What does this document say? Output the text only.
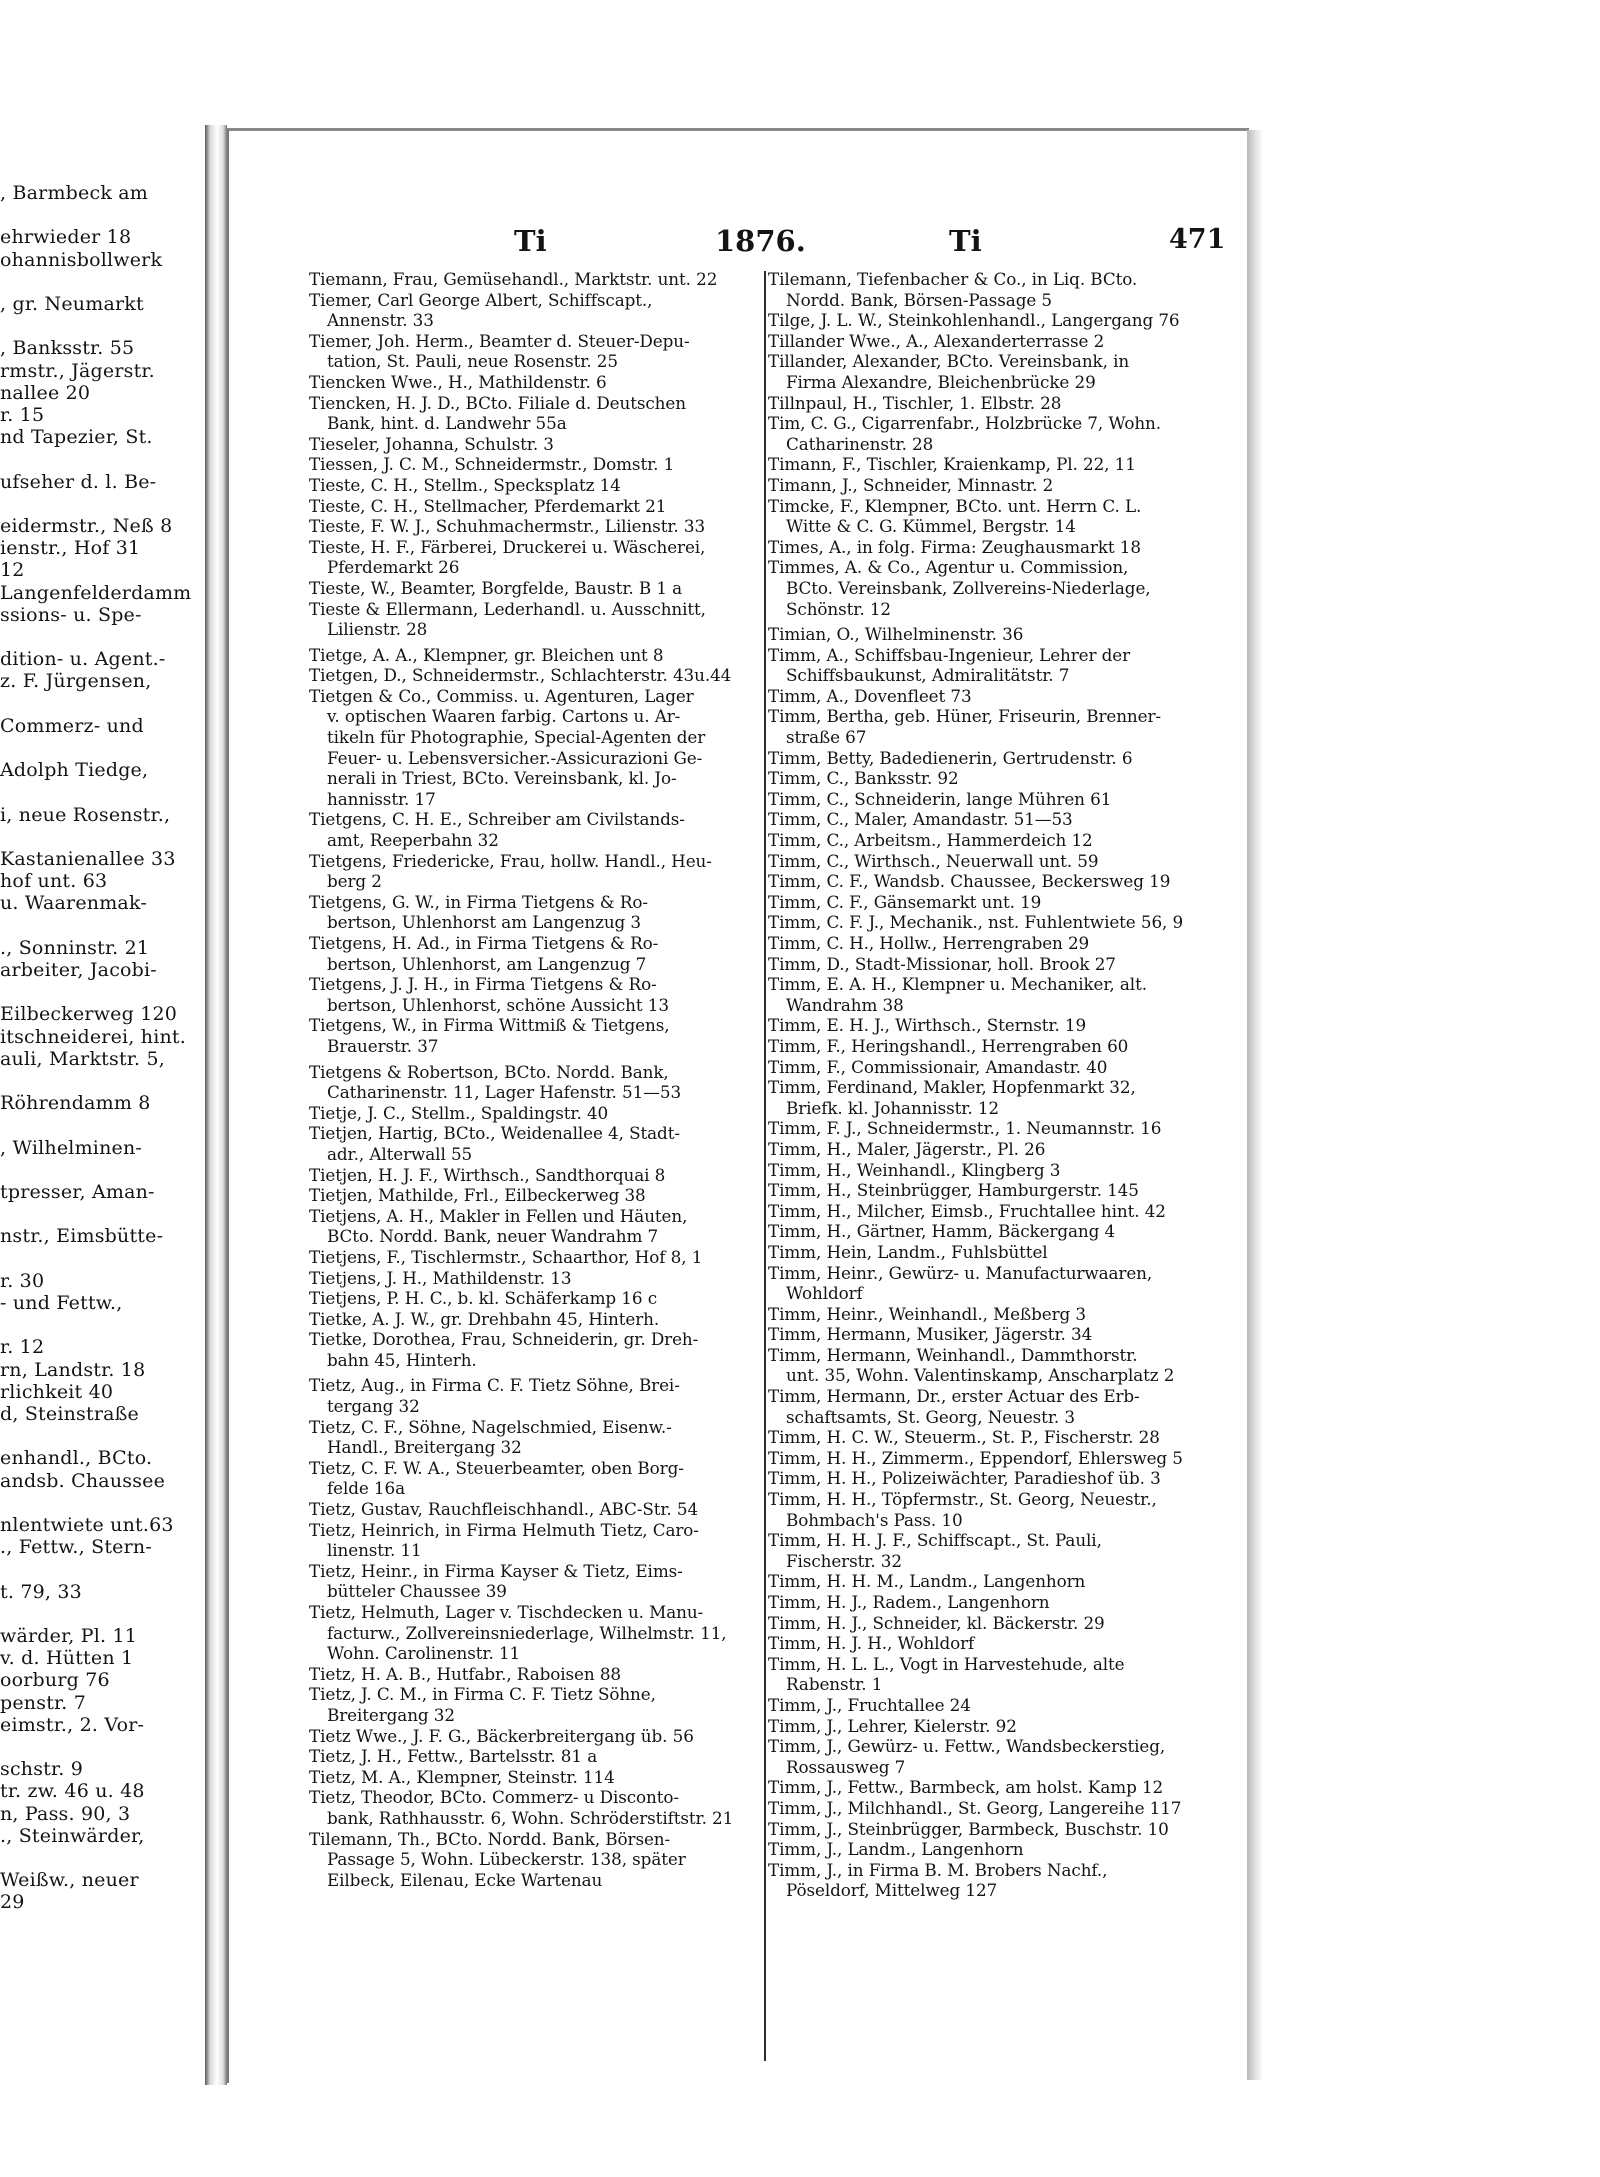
, Barmbeck am
ehrwieder 18
ohannisbollwerk
, gr. Neumarkt
, Banksstr. 55
rmstr., Jägerstr.
nallee 20
r. 15
nd Tapezier, St.
ufseher d. l. Be-
eidermstr., Neß 8
ienstr., Hof 31
12
Langenfelderdamm
ssions- u. Spe-
dition- u. Agent.-
z. F. Jürgensen,
Commerz- und
Adolph Tiedge,
i, neue Rosenstr.,
Kastanienallee 33
hof unt. 63
u. Waarenmak-
., Sonninstr. 21
arbeiter, Jacobi-
Eilbeckerweg 120
itschneiderei, hint.
auli, Marktstr. 5,
Röhrendamm 8
, Wilhelminen-
tpresser, Aman-
nstr., Eimsbütte-
r. 30
- und Fettw.,
r. 12
rn, Landstr. 18
rlichkeit 40
d, Steinstraße
enhandl., BCto.
andsb. Chaussee
nlentwiete unt.63
., Fettw., Stern-
t. 79, 33
wärder, Pl. 11
v. d. Hütten 1
oorburg 76
penstr. 7
eimstr., 2. Vor-
schstr. 9
tr. zw. 46 u. 48
n, Pass. 90, 3
., Steinwärder,
Weißw., neuer
29
Ti	1876.	Ti	471
Tiemann, Frau, Gemüsehandl., Marktstr. unt. 22
Tiemer, Carl George Albert, Schiffscapt.,
Annenstr. 33
Tiemer, Joh. Herm., Beamter d. Steuer-Depu-
tation, St. Pauli, neue Rosenstr. 25
Tiencken Wwe., H., Mathildenstr. 6
Tiencken, H. J. D., BCto. Filiale d. Deutschen
Bank, hint. d. Landwehr 55a
Tieseler, Johanna, Schulstr. 3
Tiessen, J. C. M., Schneidermstr., Domstr. 1
Tieste, C. H., Stellm., Specksplatz 14
Tieste, C. H., Stellmacher, Pferdemarkt 21
Tieste, F. W. J., Schuhmachermstr., Lilienstr. 33
Tieste, H. F., Färberei, Druckerei u. Wäscherei,
Pferdemarkt 26
Tieste, W., Beamter, Borgfelde, Baustr. B 1 a
Tieste & Ellermann, Lederhandl. u. Ausschnitt,
Lilienstr. 28
Tietge, A. A., Klempner, gr. Bleichen unt 8
Tietgen, D., Schneidermstr., Schlachterstr. 43u.44
Tietgen & Co., Commiss. u. Agenturen, Lager
v. optischen Waaren farbig. Cartons u. Ar-
tikeln für Photographie, Special-Agenten der
Feuer- u. Lebensversicher.-Assicurazioni Ge-
nerali in Triest, BCto. Vereinsbank, kl. Jo-
hannisstr. 17
Tietgens, C. H. E., Schreiber am Civilstands-
amt, Reeperbahn 32
Tietgens, Friedericke, Frau, hollw. Handl., Heu-
berg 2
Tietgens, G. W., in Firma Tietgens & Ro-
bertson, Uhlenhorst am Langenzug 3
Tietgens, H. Ad., in Firma Tietgens & Ro-
bertson, Uhlenhorst, am Langenzug 7
Tietgens, J. J. H., in Firma Tietgens & Ro-
bertson, Uhlenhorst, schöne Aussicht 13
Tietgens, W., in Firma Wittmiß & Tietgens,
Brauerstr. 37
Tietgens & Robertson, BCto. Nordd. Bank,
Catharinenstr. 11, Lager Hafenstr. 51—53
Tietje, J. C., Stellm., Spaldingstr. 40
Tietjen, Hartig, BCto., Weidenallee 4, Stadt-
adr., Alterwall 55
Tietjen, H. J. F., Wirthsch., Sandthorquai 8
Tietjen, Mathilde, Frl., Eilbeckerweg 38
Tietjens, A. H., Makler in Fellen und Häuten,
BCto. Nordd. Bank, neuer Wandrahm 7
Tietjens, F., Tischlermstr., Schaarthor, Hof 8, 1
Tietjens, J. H., Mathildenstr. 13
Tietjens, P. H. C., b. kl. Schäferkamp 16 c
Tietke, A. J. W., gr. Drehbahn 45, Hinterh.
Tietke, Dorothea, Frau, Schneiderin, gr. Dreh-
bahn 45, Hinterh.
Tietz, Aug., in Firma C. F. Tietz Söhne, Brei-
tergang 32
Tietz, C. F., Söhne, Nagelschmied, Eisenw.-
Handl., Breitergang 32
Tietz, C. F. W. A., Steuerbeamter, oben Borg-
felde 16a
Tietz, Gustav, Rauchfleischhandl., ABC-Str. 54
Tietz, Heinrich, in Firma Helmuth Tietz, Caro-
linenstr. 11
Tietz, Heinr., in Firma Kayser & Tietz, Eims-
bütteler Chaussee 39
Tietz, Helmuth, Lager v. Tischdecken u. Manu-
facturw., Zollvereinsniederlage, Wilhelmstr. 11,
Wohn. Carolinenstr. 11
Tietz, H. A. B., Hutfabr., Raboisen 88
Tietz, J. C. M., in Firma C. F. Tietz Söhne,
Breitergang 32
Tietz Wwe., J. F. G., Bäckerbreitergang üb. 56
Tietz, J. H., Fettw., Bartelsstr. 81 a
Tietz, M. A., Klempner, Steinstr. 114
Tietz, Theodor, BCto. Commerz- u Disconto-
bank, Rathhausstr. 6, Wohn. Schröderstiftstr. 21
Tilemann, Th., BCto. Nordd. Bank, Börsen-
Passage 5, Wohn. Lübeckerstr. 138, später
Eilbeck, Eilenau, Ecke Wartenau
Tilemann, Tiefenbacher & Co., in Liq. BCto.
Nordd. Bank, Börsen-Passage 5
Tilge, J. L. W., Steinkohlenhandl., Langergang 76
Tillander Wwe., A., Alexanderterrasse 2
Tillander, Alexander, BCto. Vereinsbank, in
Firma Alexandre, Bleichenbrücke 29
Tillnpaul, H., Tischler, 1. Elbstr. 28
Tim, C. G., Cigarrenfabr., Holzbrücke 7, Wohn.
Catharinenstr. 28
Timann, F., Tischler, Kraienkamp, Pl. 22, 11
Timann, J., Schneider, Minnastr. 2
Timcke, F., Klempner, BCto. unt. Herrn C. L.
Witte & C. G. Kümmel, Bergstr. 14
Times, A., in folg. Firma: Zeughausmarkt 18
Timmes, A. & Co., Agentur u. Commission,
BCto. Vereinsbank, Zollvereins-Niederlage,
Schönstr. 12
Timian, O., Wilhelminenstr. 36
Timm, A., Schiffsbau-Ingenieur, Lehrer der
Schiffsbaukunst, Admiralitätstr. 7
Timm, A., Dovenfleet 73
Timm, Bertha, geb. Hüner, Friseurin, Brenner-
straße 67
Timm, Betty, Badedienerin, Gertrudenstr. 6
Timm, C., Banksstr. 92
Timm, C., Schneiderin, lange Mühren 61
Timm, C., Maler, Amandastr. 51—53
Timm, C., Arbeitsm., Hammerdeich 12
Timm, C., Wirthsch., Neuerwall unt. 59
Timm, C. F., Wandsb. Chaussee, Beckersweg 19
Timm, C. F., Gänsemarkt unt. 19
Timm, C. F. J., Mechanik., nst. Fuhlentwiete 56, 9
Timm, C. H., Hollw., Herrengraben 29
Timm, D., Stadt-Missionar, holl. Brook 27
Timm, E. A. H., Klempner u. Mechaniker, alt.
Wandrahm 38
Timm, E. H. J., Wirthsch., Sternstr. 19
Timm, F., Heringshandl., Herrengraben 60
Timm, F., Commissionair, Amandastr. 40
Timm, Ferdinand, Makler, Hopfenmarkt 32,
Briefk. kl. Johannisstr. 12
Timm, F. J., Schneidermstr., 1. Neumannstr. 16
Timm, H., Maler, Jägerstr., Pl. 26
Timm, H., Weinhandl., Klingberg 3
Timm, H., Steinbrügger, Hamburgerstr. 145
Timm, H., Milcher, Eimsb., Fruchtallee hint. 42
Timm, H., Gärtner, Hamm, Bäckergang 4
Timm, Hein, Landm., Fuhlsbüttel
Timm, Heinr., Gewürz- u. Manufacturwaaren,
Wohldorf
Timm, Heinr., Weinhandl., Meßberg 3
Timm, Hermann, Musiker, Jägerstr. 34
Timm, Hermann, Weinhandl., Dammthorstr.
unt. 35, Wohn. Valentinskamp, Anscharplatz 2
Timm, Hermann, Dr., erster Actuar des Erb-
schaftsamts, St. Georg, Neuestr. 3
Timm, H. C. W., Steuerm., St. P., Fischerstr. 28
Timm, H. H., Zimmerm., Eppendorf, Ehlersweg 5
Timm, H. H., Polizeiwächter, Paradieshof üb. 3
Timm, H. H., Töpfermstr., St. Georg, Neuestr.,
Bohmbach's Pass. 10
Timm, H. H. J. F., Schiffscapt., St. Pauli,
Fischerstr. 32
Timm, H. H. M., Landm., Langenhorn
Timm, H. J., Radem., Langenhorn
Timm, H. J., Schneider, kl. Bäckerstr. 29
Timm, H. J. H., Wohldorf
Timm, H. L. L., Vogt in Harvestehude, alte
Rabenstr. 1
Timm, J., Fruchtallee 24
Timm, J., Lehrer, Kielerstr. 92
Timm, J., Gewürz- u. Fettw., Wandsbeckerstieg,
Rossausweg 7
Timm, J., Fettw., Barmbeck, am holst. Kamp 12
Timm, J., Milchhandl., St. Georg, Langereihe 117
Timm, J., Steinbrügger, Barmbeck, Buschstr. 10
Timm, J., Landm., Langenhorn
Timm, J., in Firma B. M. Brobers Nachf.,
Pöseldorf, Mittelweg 127
